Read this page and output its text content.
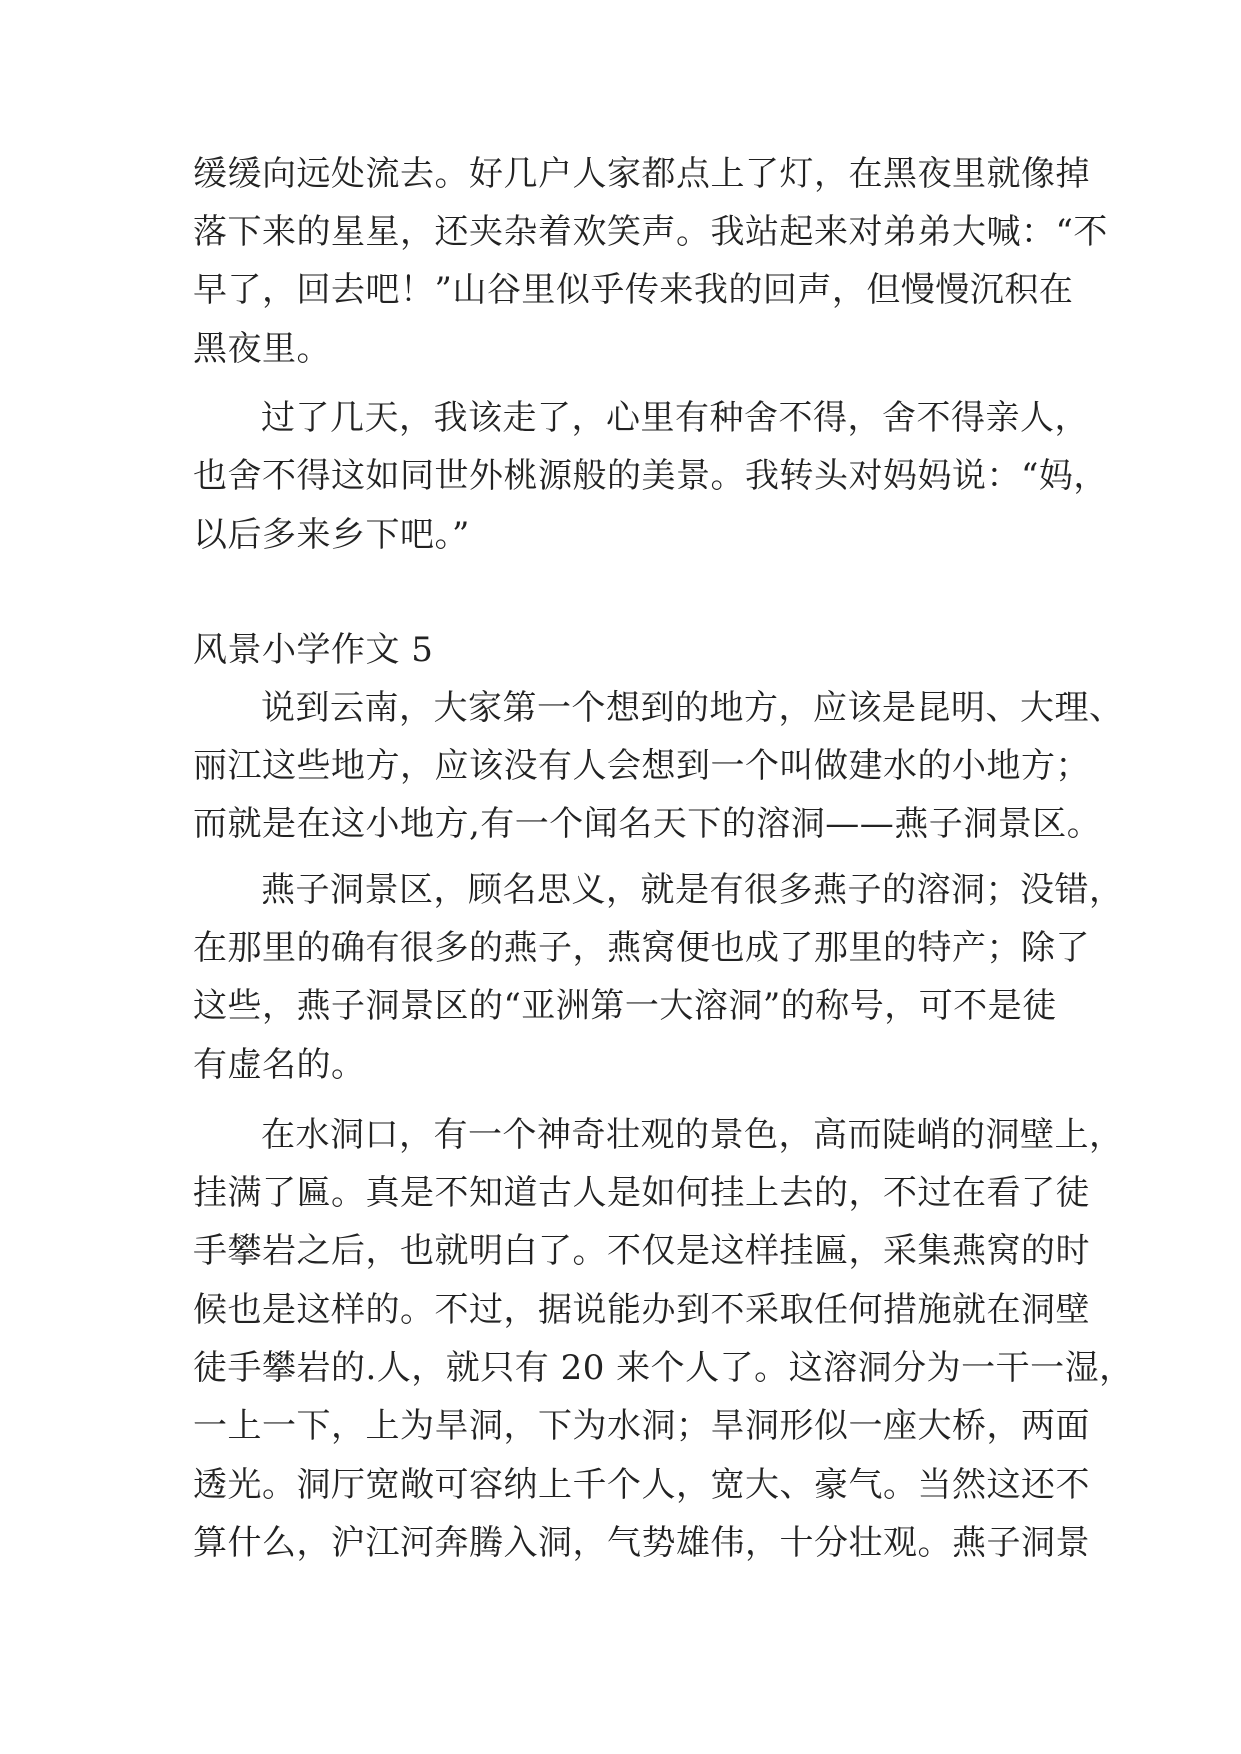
缓缓向远处流去。好几户人家都点上了灯，在黑夜里就像掉
落下来的星星，还夹杂着欢笑声。我站起来对弟弟大喊：“不
早了，回去吧！”山谷里似乎传来我的回声，但慢慢沉积在
黑夜里。
过了几天，我该走了，心里有种舍不得，舍不得亲人，
也舍不得这如同世外桃源般的美景。我转头对妈妈说：“妈，
以后多来乡下吧。”
风景小学作文 5
说到云南，大家第一个想到的地方，应该是昆明、大理、
丽江这些地方，应该没有人会想到一个叫做建水的小地方；
而就是在这小地方,有一个闻名天下的溶洞——燕子洞景区。
燕子洞景区，顾名思义，就是有很多燕子的溶洞；没错，
在那里的确有很多的燕子，燕窝便也成了那里的特产；除了
这些，燕子洞景区的“亚洲第一大溶洞”的称号，可不是徒
有虚名的。
在水洞口，有一个神奇壮观的景色，高而陡峭的洞壁上，
挂满了匾。真是不知道古人是如何挂上去的，不过在看了徒
手攀岩之后，也就明白了。不仅是这样挂匾，采集燕窝的时
候也是这样的。不过，据说能办到不采取任何措施就在洞壁
徒手攀岩的.人，就只有 20 来个人了。这溶洞分为一干一湿，
一上一下，上为旱洞，下为水洞；旱洞形似一座大桥，两面
透光。洞厅宽敞可容纳上千个人，宽大、豪气。当然这还不
算什么，沪江河奔腾入洞，气势雄伟，十分壮观。燕子洞景
